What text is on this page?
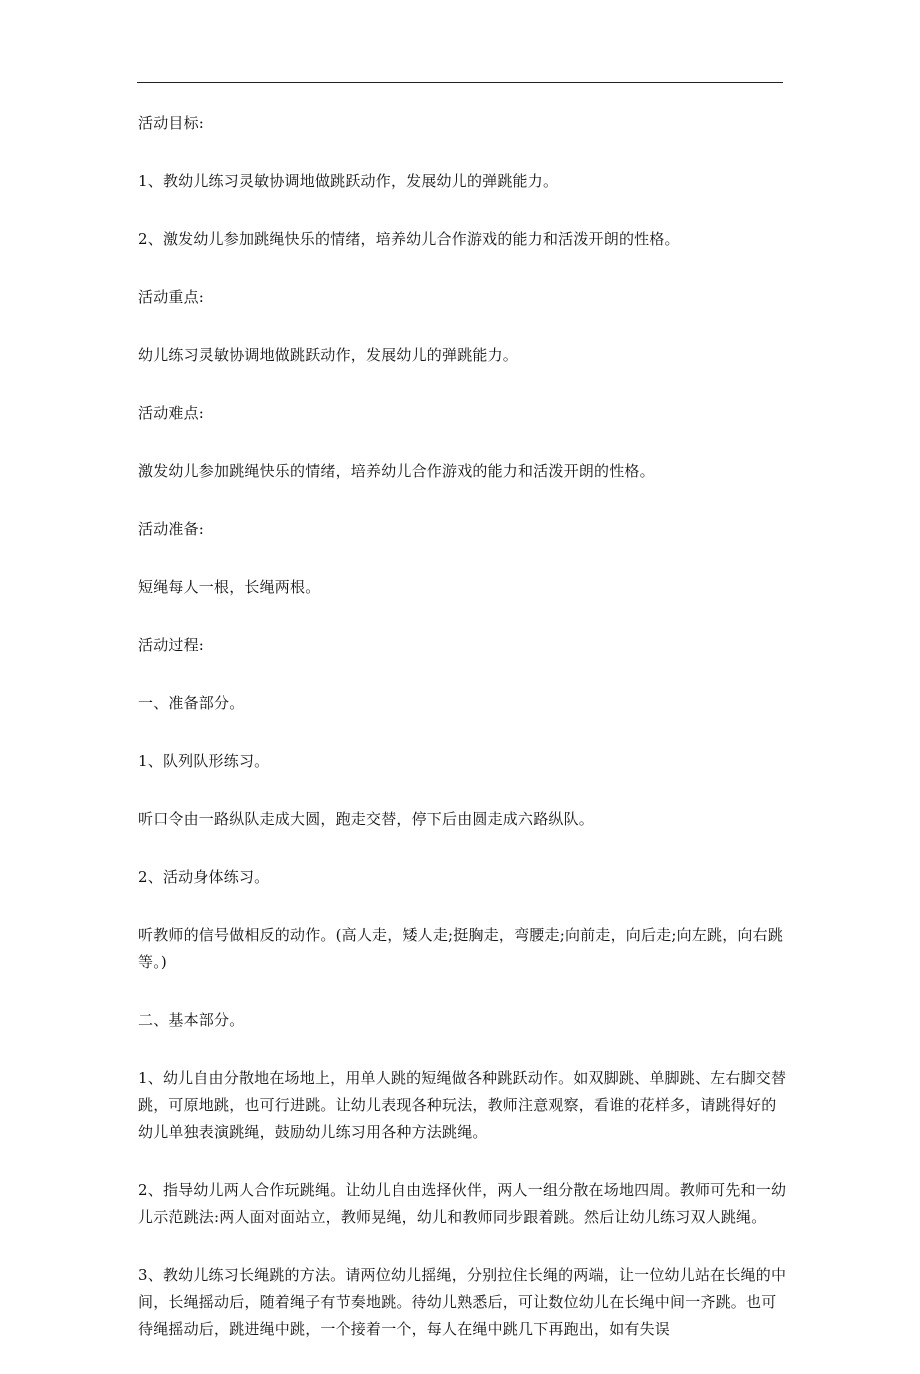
活动目标:

1、教幼儿练习灵敏协调地做跳跃动作，发展幼儿的弹跳能力。

2、激发幼儿参加跳绳快乐的情绪，培养幼儿合作游戏的能力和活泼开朗的性格。

活动重点:

幼儿练习灵敏协调地做跳跃动作，发展幼儿的弹跳能力。

活动难点:

激发幼儿参加跳绳快乐的情绪，培养幼儿合作游戏的能力和活泼开朗的性格。

活动准备:

短绳每人一根，长绳两根。

活动过程:

一、准备部分。

1、队列队形练习。

听口令由一路纵队走成大圆，跑走交替，停下后由圆走成六路纵队。

2、活动身体练习。

听教师的信号做相反的动作。(高人走，矮人走;挺胸走，弯腰走;向前走，向后走;向左跳，向右跳等。)

二、基本部分。

1、幼儿自由分散地在场地上，用单人跳的短绳做各种跳跃动作。如双脚跳、单脚跳、左右脚交替跳，可原地跳，也可行进跳。让幼儿表现各种玩法，教师注意观察，看谁的花样多，请跳得好的幼儿单独表演跳绳，鼓励幼儿练习用各种方法跳绳。

2、指导幼儿两人合作玩跳绳。让幼儿自由选择伙伴，两人一组分散在场地四周。教师可先和一幼儿示范跳法:两人面对面站立，教师晃绳，幼儿和教师同步跟着跳。然后让幼儿练习双人跳绳。

3、教幼儿练习长绳跳的方法。请两位幼儿摇绳，分别拉住长绳的两端，让一位幼儿站在长绳的中间，长绳摇动后，随着绳子有节奏地跳。待幼儿熟悉后，可让数位幼儿在长绳中间一齐跳。也可待绳摇动后，跳进绳中跳，一个接着一个，每人在绳中跳几下再跑出，如有失误
